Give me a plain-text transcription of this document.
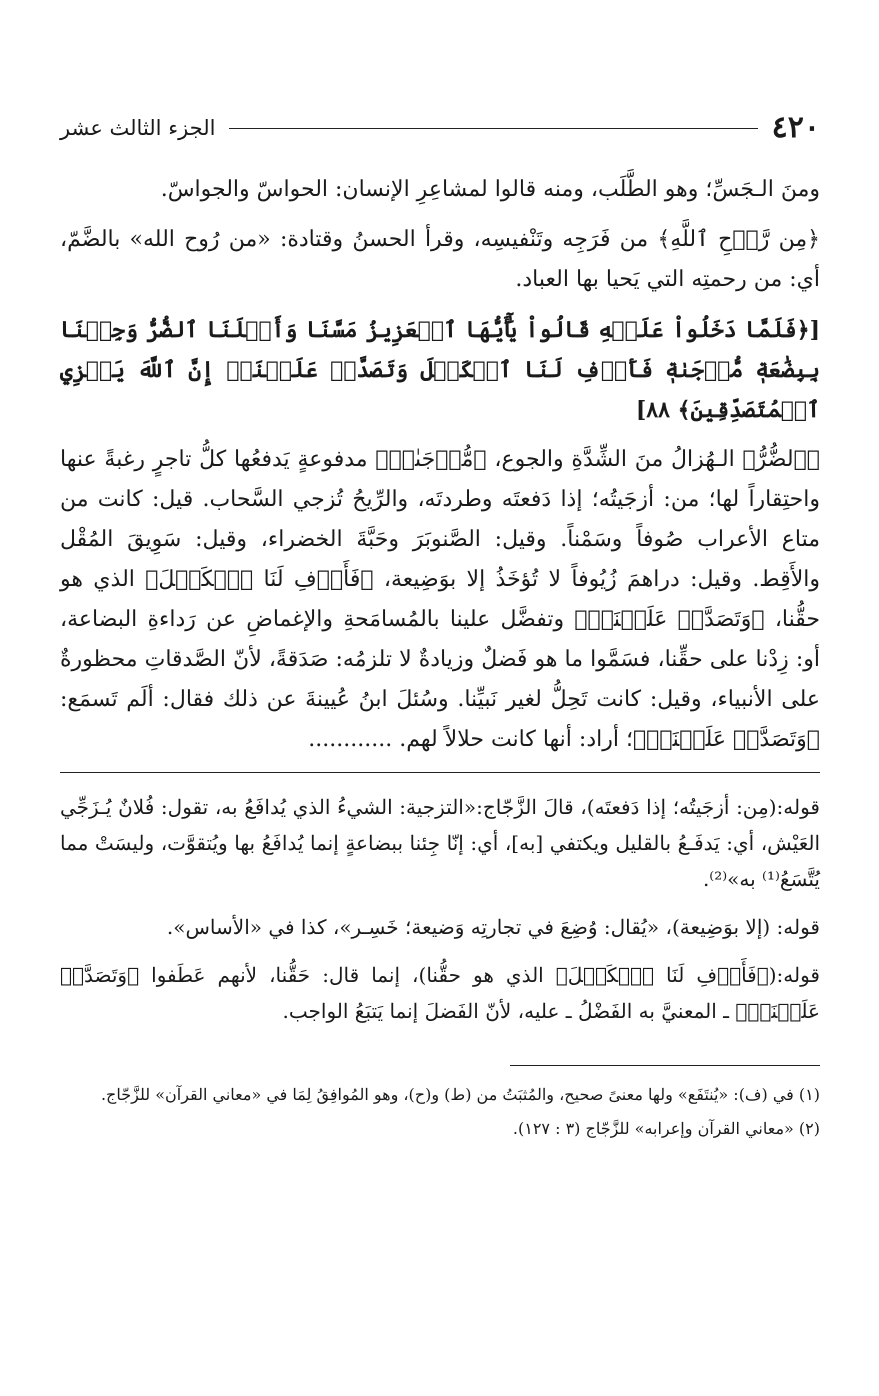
٤٢٠
الجزء الثالث عشر

ومنَ الـجَسِّ؛ وهو الطَّلَب، ومنه قالوا لمشاعِرِ الإنسان: الحواسّ والجواسّ.

﴿مِن رَّوۡحِ ٱللَّهِ﴾ من فَرَجِه وتَنْفيسِه، وقرأ الحسنُ وقتادة: «من رُوح الله» بالضَّمّ، أي: من رحمتِه التي يَحيا بها العباد.

[﴿فَلَمَّا دَخَلُواْ عَلَيۡهِ قَالُواْ يَٰٓأَيُّهَا ٱلۡعَزِيزُ مَسَّنَا وَأَهۡلَنَا ٱلضُّرُّ وَجِئۡنَا بِبِضَٰعَةٖ مُّزۡجَىٰةٖ فَأَوۡفِ لَنَا ٱلۡكَيۡلَ وَتَصَدَّقۡ عَلَيۡنَآۖ إِنَّ ٱللَّهَ يَجۡزِي ٱلۡمُتَصَدِّقِينَ﴾ ٨٨]

﴿ٱلضُّرُّ﴾ الـهُزالُ منَ الشِّدَّةِ والجوع، ﴿مُّزۡجَىٰةٖ﴾ مدفوعةٍ يَدفعُها كلُّ تاجرٍ رغبةً عنها واحتِقاراً لها؛ من: أزجَيتُه؛ إذا دَفعتَه وطردتَه، والرِّيحُ تُزجي السَّحاب. قيل: كانت من متاع الأعراب صُوفاً وسَمْناً. وقيل: الصَّنوبَرَ وحَبَّةَ الخضراء، وقيل: سَوِيقَ المُقْل والأَقِط. وقيل: دراهمَ زُيُوفاً لا تُؤخَذُ إلا بوَضِيعة، ﴿فَأَوۡفِ لَنَا ٱلۡكَيۡلَ﴾ الذي هو حقُّنا، ﴿وَتَصَدَّقۡ عَلَيۡنَآۖ﴾ وتفضَّل علينا بالمُسامَحةِ والإغماضِ عن رَداءةِ البضاعة، أو: زِدْنا على حقِّنا، فسَمَّوا ما هو فَضلٌ وزيادةٌ لا تلزمُه: صَدَقةً، لأنّ الصَّدقاتِ محظورةٌ على الأنبياء، وقيل: كانت تَحِلُّ لغير نَبيِّنا. وسُئلَ ابنُ عُيينةَ عن ذلك فقال: ألَم تَسمَع: ﴿وَتَصَدَّقۡ عَلَيۡنَآۖ﴾؛ أراد: أنها كانت حلالاً لهم. ............

قوله:(مِن: أزجَيتُه؛ إذا دَفعتَه)، قالَ الزَّجّاج:«التزجية: الشيءُ الذي يُدافَعُ به، تقول: فُلانٌ يُـزَجِّي العَيْش، أي: يَدفَـعُ بالقليل ويكتفي [به]، أي: إنّا جِئنا ببضاعةٍ إنما يُدافَعُ بها ويُتقوَّت، وليسَتْ مما يُتَّسَعُ⁽¹⁾ به»⁽²⁾.

قوله: (إلا بوَضِيعة)، «يُقال: وُضِعَ في تجارتِه وَضيعة؛ خَسِـر»، كذا في «الأساس».

قوله:(﴿فَأَوۡفِ لَنَا ٱلۡكَيۡلَ﴾ الذي هو حقُّنا)، إنما قال: حَقُّنا، لأنهم عَطَفوا ﴿وَتَصَدَّقۡ عَلَيۡنَآۖ﴾ ـ المعنيَّ به الفَضْلُ ـ عليه، لأنّ الفَضلَ إنما يَتبَعُ الواجب.

(١) في (ف): «يُنتَفَع» ولها معنىً صحيح، والمُثبَتُ من (ط) و(ح)، وهو المُوافِقُ لِمَا في «معاني القرآن» للزَّجّاج.

(٢) «معاني القرآن وإعرابه» للزَّجّاج (٣ : ١٢٧).
